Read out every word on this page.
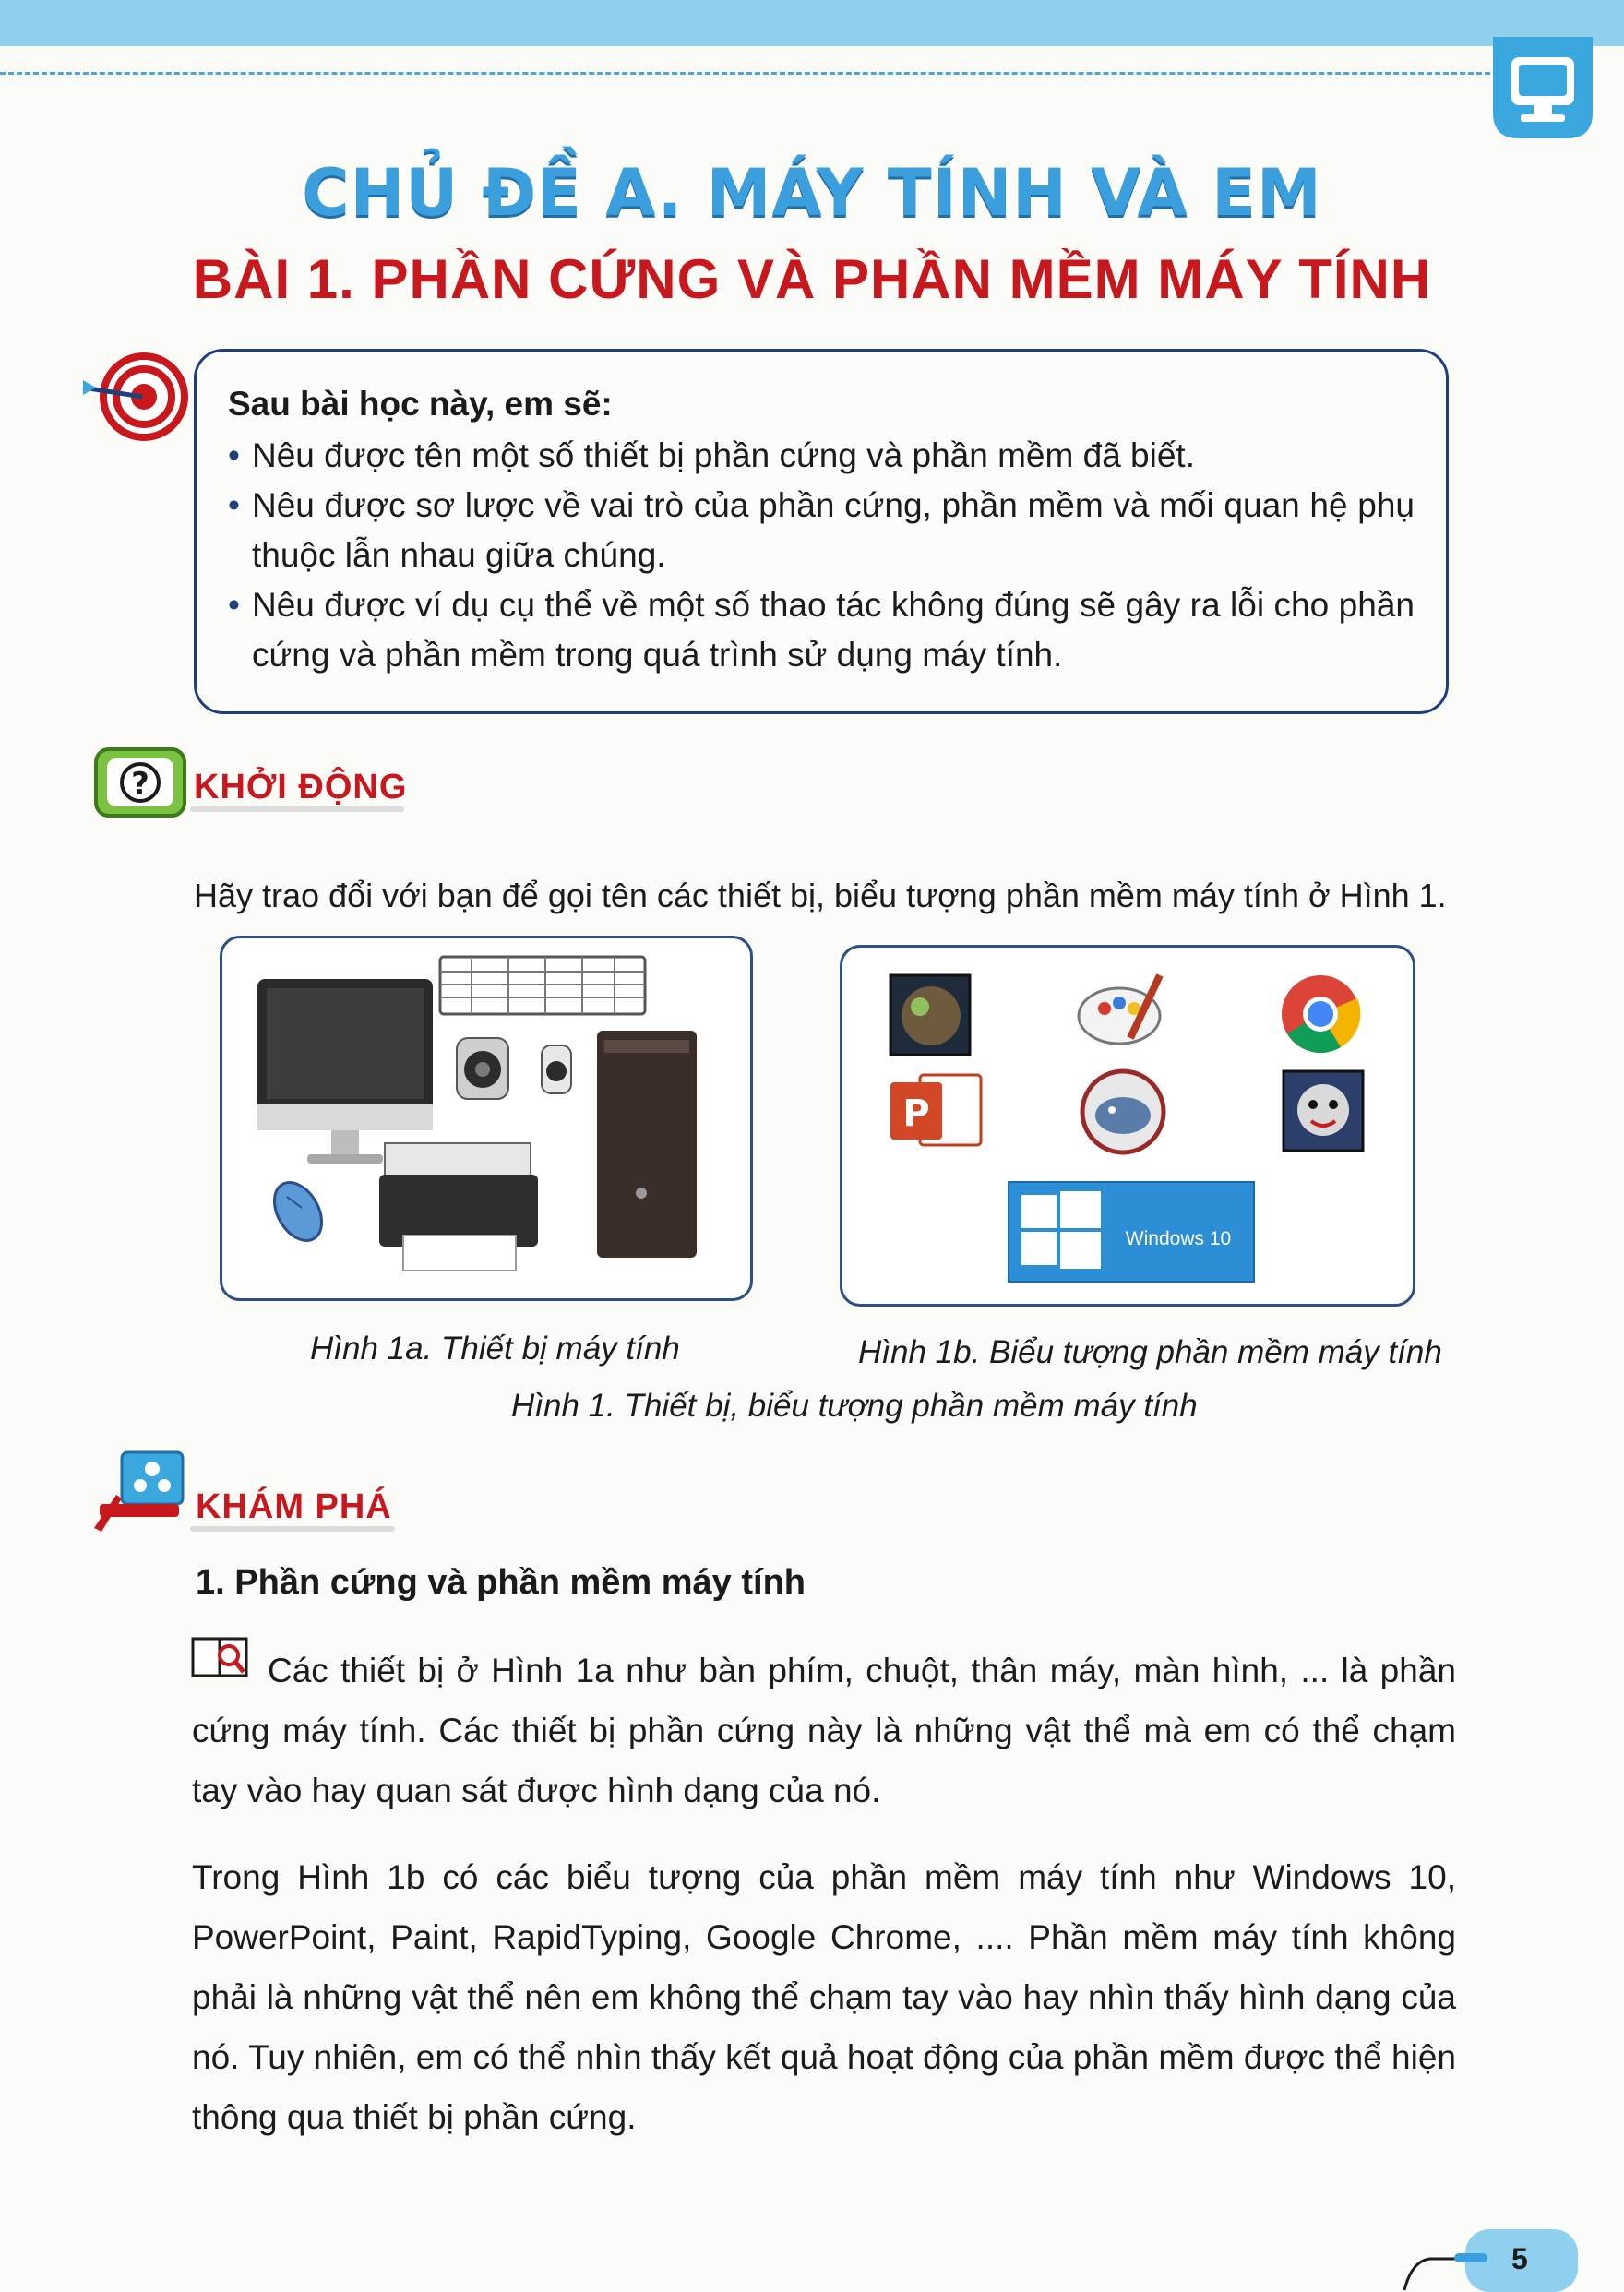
CHỦ ĐỀ A. MÁY TÍNH VÀ EM
BÀI 1. PHẦN CỨNG VÀ PHẦN MỀM MÁY TÍNH
Sau bài học này, em sẽ:
• Nêu được tên một số thiết bị phần cứng và phần mềm đã biết.
• Nêu được sơ lược về vai trò của phần cứng, phần mềm và mối quan hệ phụ thuộc lẫn nhau giữa chúng.
• Nêu được ví dụ cụ thể về một số thao tác không đúng sẽ gây ra lỗi cho phần cứng và phần mềm trong quá trình sử dụng máy tính.
? KHỞI ĐỘNG
Hãy trao đổi với bạn để gọi tên các thiết bị, biểu tượng phần mềm máy tính ở Hình 1.
P
Windows 10
Hình 1a. Thiết bị máy tính	Hình 1b. Biểu tượng phần mềm máy tính
Hình 1. Thiết bị, biểu tượng phần mềm máy tính
KHÁM PHÁ
1. Phần cứng và phần mềm máy tính
Các thiết bị ở Hình 1a như bàn phím, chuột, thân máy, màn hình, ... là phần cứng máy tính. Các thiết bị phần cứng này là những vật thể mà em có thể chạm tay vào hay quan sát được hình dạng của nó.
Trong Hình 1b có các biểu tượng của phần mềm máy tính như Windows 10, PowerPoint, Paint, RapidTyping, Google Chrome, .... Phần mềm máy tính không phải là những vật thể nên em không thể chạm tay vào hay nhìn thấy hình dạng của nó. Tuy nhiên, em có thể nhìn thấy kết quả hoạt động của phần mềm được thể hiện thông qua thiết bị phần cứng.
5
